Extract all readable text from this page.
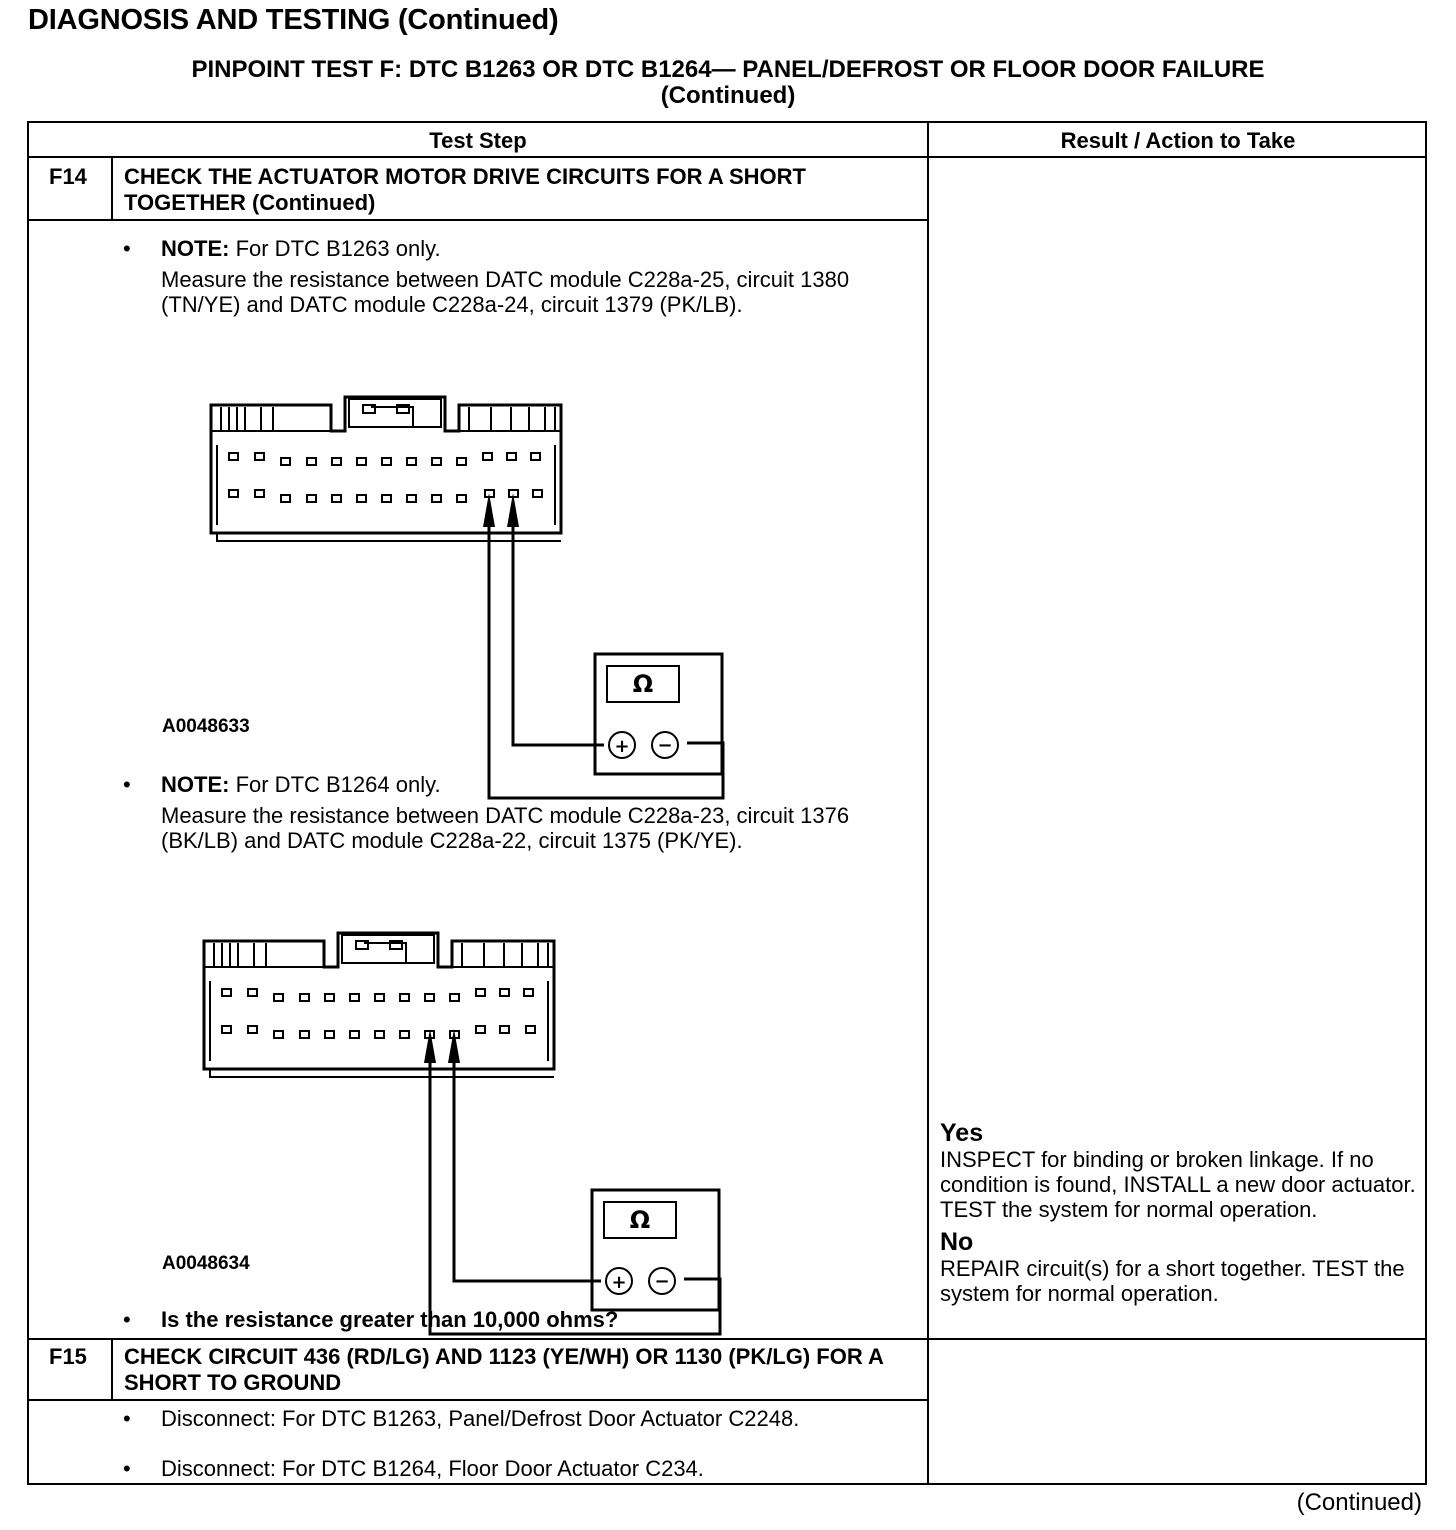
DIAGNOSIS AND TESTING (Continued)
PINPOINT TEST F: DTC B1263 OR DTC B1264— PANEL/DEFROST OR FLOOR DOOR FAILURE
(Continued)
Test Step	Result / Action to Take
F14 CHECK THE ACTUATOR MOTOR DRIVE CIRCUITS FOR A SHORT TOGETHER (Continued)
• NOTE: For DTC B1263 only.
Measure the resistance between DATC module C228a-25, circuit 1380 (TN/YE) and DATC module C228a-24, circuit 1379 (PK/LB).
Ω
+ −
A0048633
• NOTE: For DTC B1264 only.
Measure the resistance between DATC module C228a-23, circuit 1376 (BK/LB) and DATC module C228a-22, circuit 1375 (PK/YE).
Ω
+ −
A0048634
• Is the resistance greater than 10,000 ohms?
Yes
INSPECT for binding or broken linkage. If no condition is found, INSTALL a new door actuator. TEST the system for normal operation.
No
REPAIR circuit(s) for a short together. TEST the system for normal operation.
F15 CHECK CIRCUIT 436 (RD/LG) AND 1123 (YE/WH) OR 1130 (PK/LG) FOR A SHORT TO GROUND
• Disconnect: For DTC B1263, Panel/Defrost Door Actuator C2248.
• Disconnect: For DTC B1264, Floor Door Actuator C234.
(Continued)
